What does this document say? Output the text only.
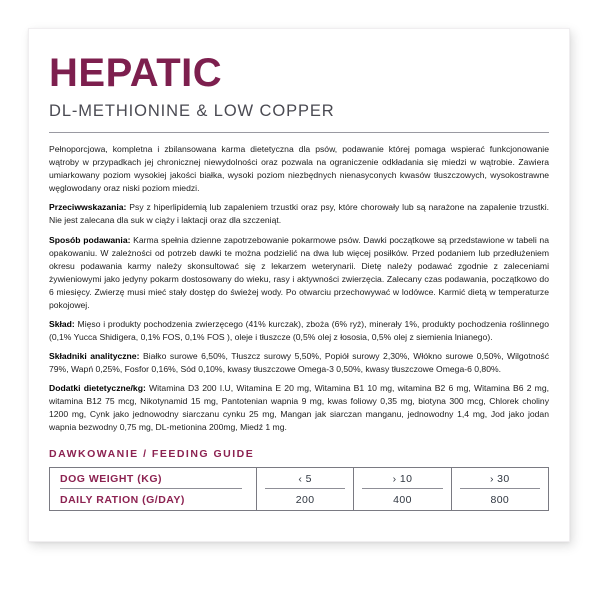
HEPATIC
DL-METHIONINE & LOW COPPER

Pełnoporcjowa, kompletna i zbilansowana karma dietetyczna dla psów, podawanie której pomaga wspierać funkcjonowanie wątroby w przypadkach jej chronicznej niewydolności oraz pozwala na ograniczenie odkładania się miedzi w wątrobie. Zawiera umiarkowany poziom wysokiej jakości białka, wysoki poziom niezbędnych nienasyconych kwasów tłuszczowych, wysokostrawne węglowodany oraz niski poziom miedzi.

Przeciwwskazania: Psy z hiperlipidemią lub zapaleniem trzustki oraz psy, które chorowały lub są narażone na zapalenie trzustki. Nie jest zalecana dla suk w ciąży i laktacji oraz dla szczeniąt.

Sposób podawania: Karma spełnia dzienne zapotrzebowanie pokarmowe psów. Dawki początkowe są przedstawione w tabeli na opakowaniu. W zależności od potrzeb dawki te można podzielić na dwa lub więcej posiłków. Przed podaniem lub przedłużeniem okresu podawania karmy należy skonsultować się z lekarzem weterynarii. Dietę należy podawać zgodnie z zaleceniami żywieniowymi jako jedyny pokarm dostosowany do wieku, rasy i aktywności zwierzęcia. Zalecany czas podawania, początkowo do 6 miesięcy. Zwierzę musi mieć stały dostęp do świeżej wody. Po otwarciu przechowywać w lodówce. Karmić dietą w temperaturze pokojowej.

Skład: Mięso i produkty pochodzenia zwierzęcego (41% kurczak), zboża (6% ryż), minerały 1%, produkty pochodzenia roślinnego (0,1% Yucca Shidigera, 0,1% FOS, 0,1% FOS ), oleje i tłuszcze (0,5% olej z łososia, 0,5% olej z siemienia lnianego).

Składniki analityczne: Białko surowe 6,50%, Tłuszcz surowy 5,50%, Popiół surowy 2,30%, Włókno surowe 0,50%, Wilgotność 79%, Wapń 0,25%, Fosfor 0,16%, Sód 0,10%, kwasy tłuszczowe Omega-3 0,50%, kwasy tłuszczowe Omega-6 0,80%.

Dodatki dietetyczne/kg: Witamina D3 200 I.U, Witamina E 20 mg, Witamina B1 10 mg, witamina B2 6 mg, Witamina B6 2 mg, witamina B12 75 mcg, Nikotynamid 15 mg, Pantotenian wapnia 9 mg, kwas foliowy 0,35 mg, biotyna 300 mcg, Chlorek choliny 1200 mg, Cynk jako jednowodny siarczanu cynku 25 mg, Mangan jak siarczan manganu, jednowodny 1,4 mg, Jod jako jodan wapnia bezwodny 0,75 mg, DL-metionina 200mg, Miedź 1 mg.

DAWKOWANIE / FEEDING GUIDE
DOG WEIGHT (KG)	‹ 5	› 10	› 30
DAILY RATION (G/DAY)	200	400	800
